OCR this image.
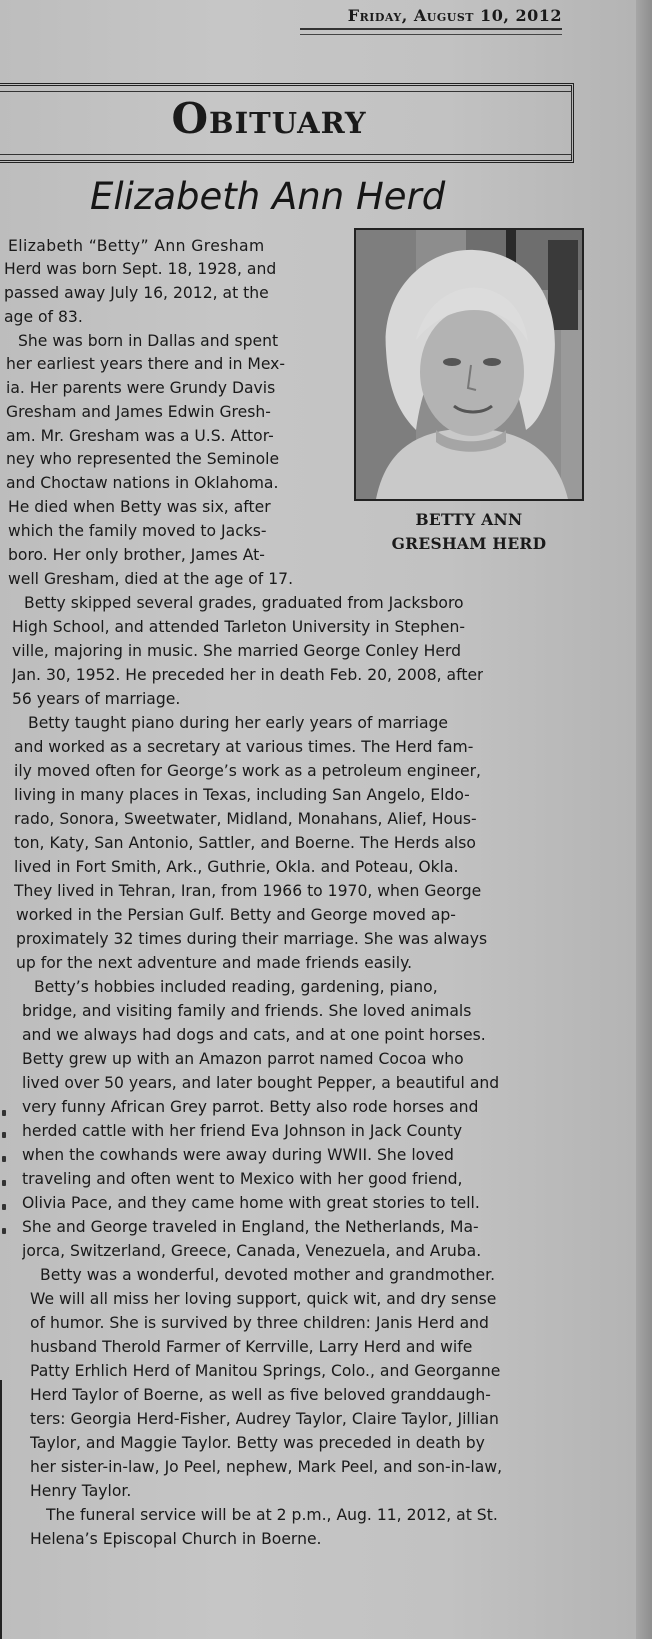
Friday, August 10, 2012
Obituary
Elizabeth Ann Herd
BETTY ANN
GRESHAM HERD
Elizabeth “Betty” Ann Gresham
Herd was born Sept. 18, 1928, and
passed away July 16, 2012, at the
age of 83.
She was born in Dallas and spent
her earliest years there and in Mex-
ia. Her parents were Grundy Davis
Gresham and James Edwin Gresh-
am. Mr. Gresham was a U.S. Attor-
ney who represented the Seminole
and Choctaw nations in Oklahoma.
He died when Betty was six, after
which the family moved to Jacks-
boro. Her only brother, James At-
well Gresham, died at the age of 17.
Betty skipped several grades, graduated from Jacksboro
High School, and attended Tarleton University in Stephen-
ville, majoring in music. She married George Conley Herd
Jan. 30, 1952. He preceded her in death Feb. 20, 2008, after
56 years of marriage.
Betty taught piano during her early years of marriage
and worked as a secretary at various times. The Herd fam-
ily moved often for George’s work as a petroleum engineer,
living in many places in Texas, including San Angelo, Eldo-
rado, Sonora, Sweetwater, Midland, Monahans, Alief, Hous-
ton, Katy, San Antonio, Sattler, and Boerne. The Herds also
lived in Fort Smith, Ark., Guthrie, Okla. and Poteau, Okla.
They lived in Tehran, Iran, from 1966 to 1970, when George
worked in the Persian Gulf. Betty and George moved ap-
proximately 32 times during their marriage. She was always
up for the next adventure and made friends easily.
Betty’s hobbies included reading, gardening, piano,
bridge, and visiting family and friends. She loved animals
and we always had dogs and cats, and at one point horses.
Betty grew up with an Amazon parrot named Cocoa who
lived over 50 years, and later bought Pepper, a beautiful and
very funny African Grey parrot. Betty also rode horses and
herded cattle with her friend Eva Johnson in Jack County
when the cowhands were away during WWII. She loved
traveling and often went to Mexico with her good friend,
Olivia Pace, and they came home with great stories to tell.
She and George traveled in England, the Netherlands, Ma-
jorca, Switzerland, Greece, Canada, Venezuela, and Aruba.
Betty was a wonderful, devoted mother and grandmother.
We will all miss her loving support, quick wit, and dry sense
of humor. She is survived by three children: Janis Herd and
husband Therold Farmer of Kerrville, Larry Herd and wife
Patty Erhlich Herd of Manitou Springs, Colo., and Georganne
Herd Taylor of Boerne, as well as five beloved granddaugh-
ters: Georgia Herd-Fisher, Audrey Taylor, Claire Taylor, Jillian
Taylor, and Maggie Taylor. Betty was preceded in death by
her sister-in-law, Jo Peel, nephew, Mark Peel, and son-in-law,
Henry Taylor.
The funeral service will be at 2 p.m., Aug. 11, 2012, at St.
Helena’s Episcopal Church in Boerne.
